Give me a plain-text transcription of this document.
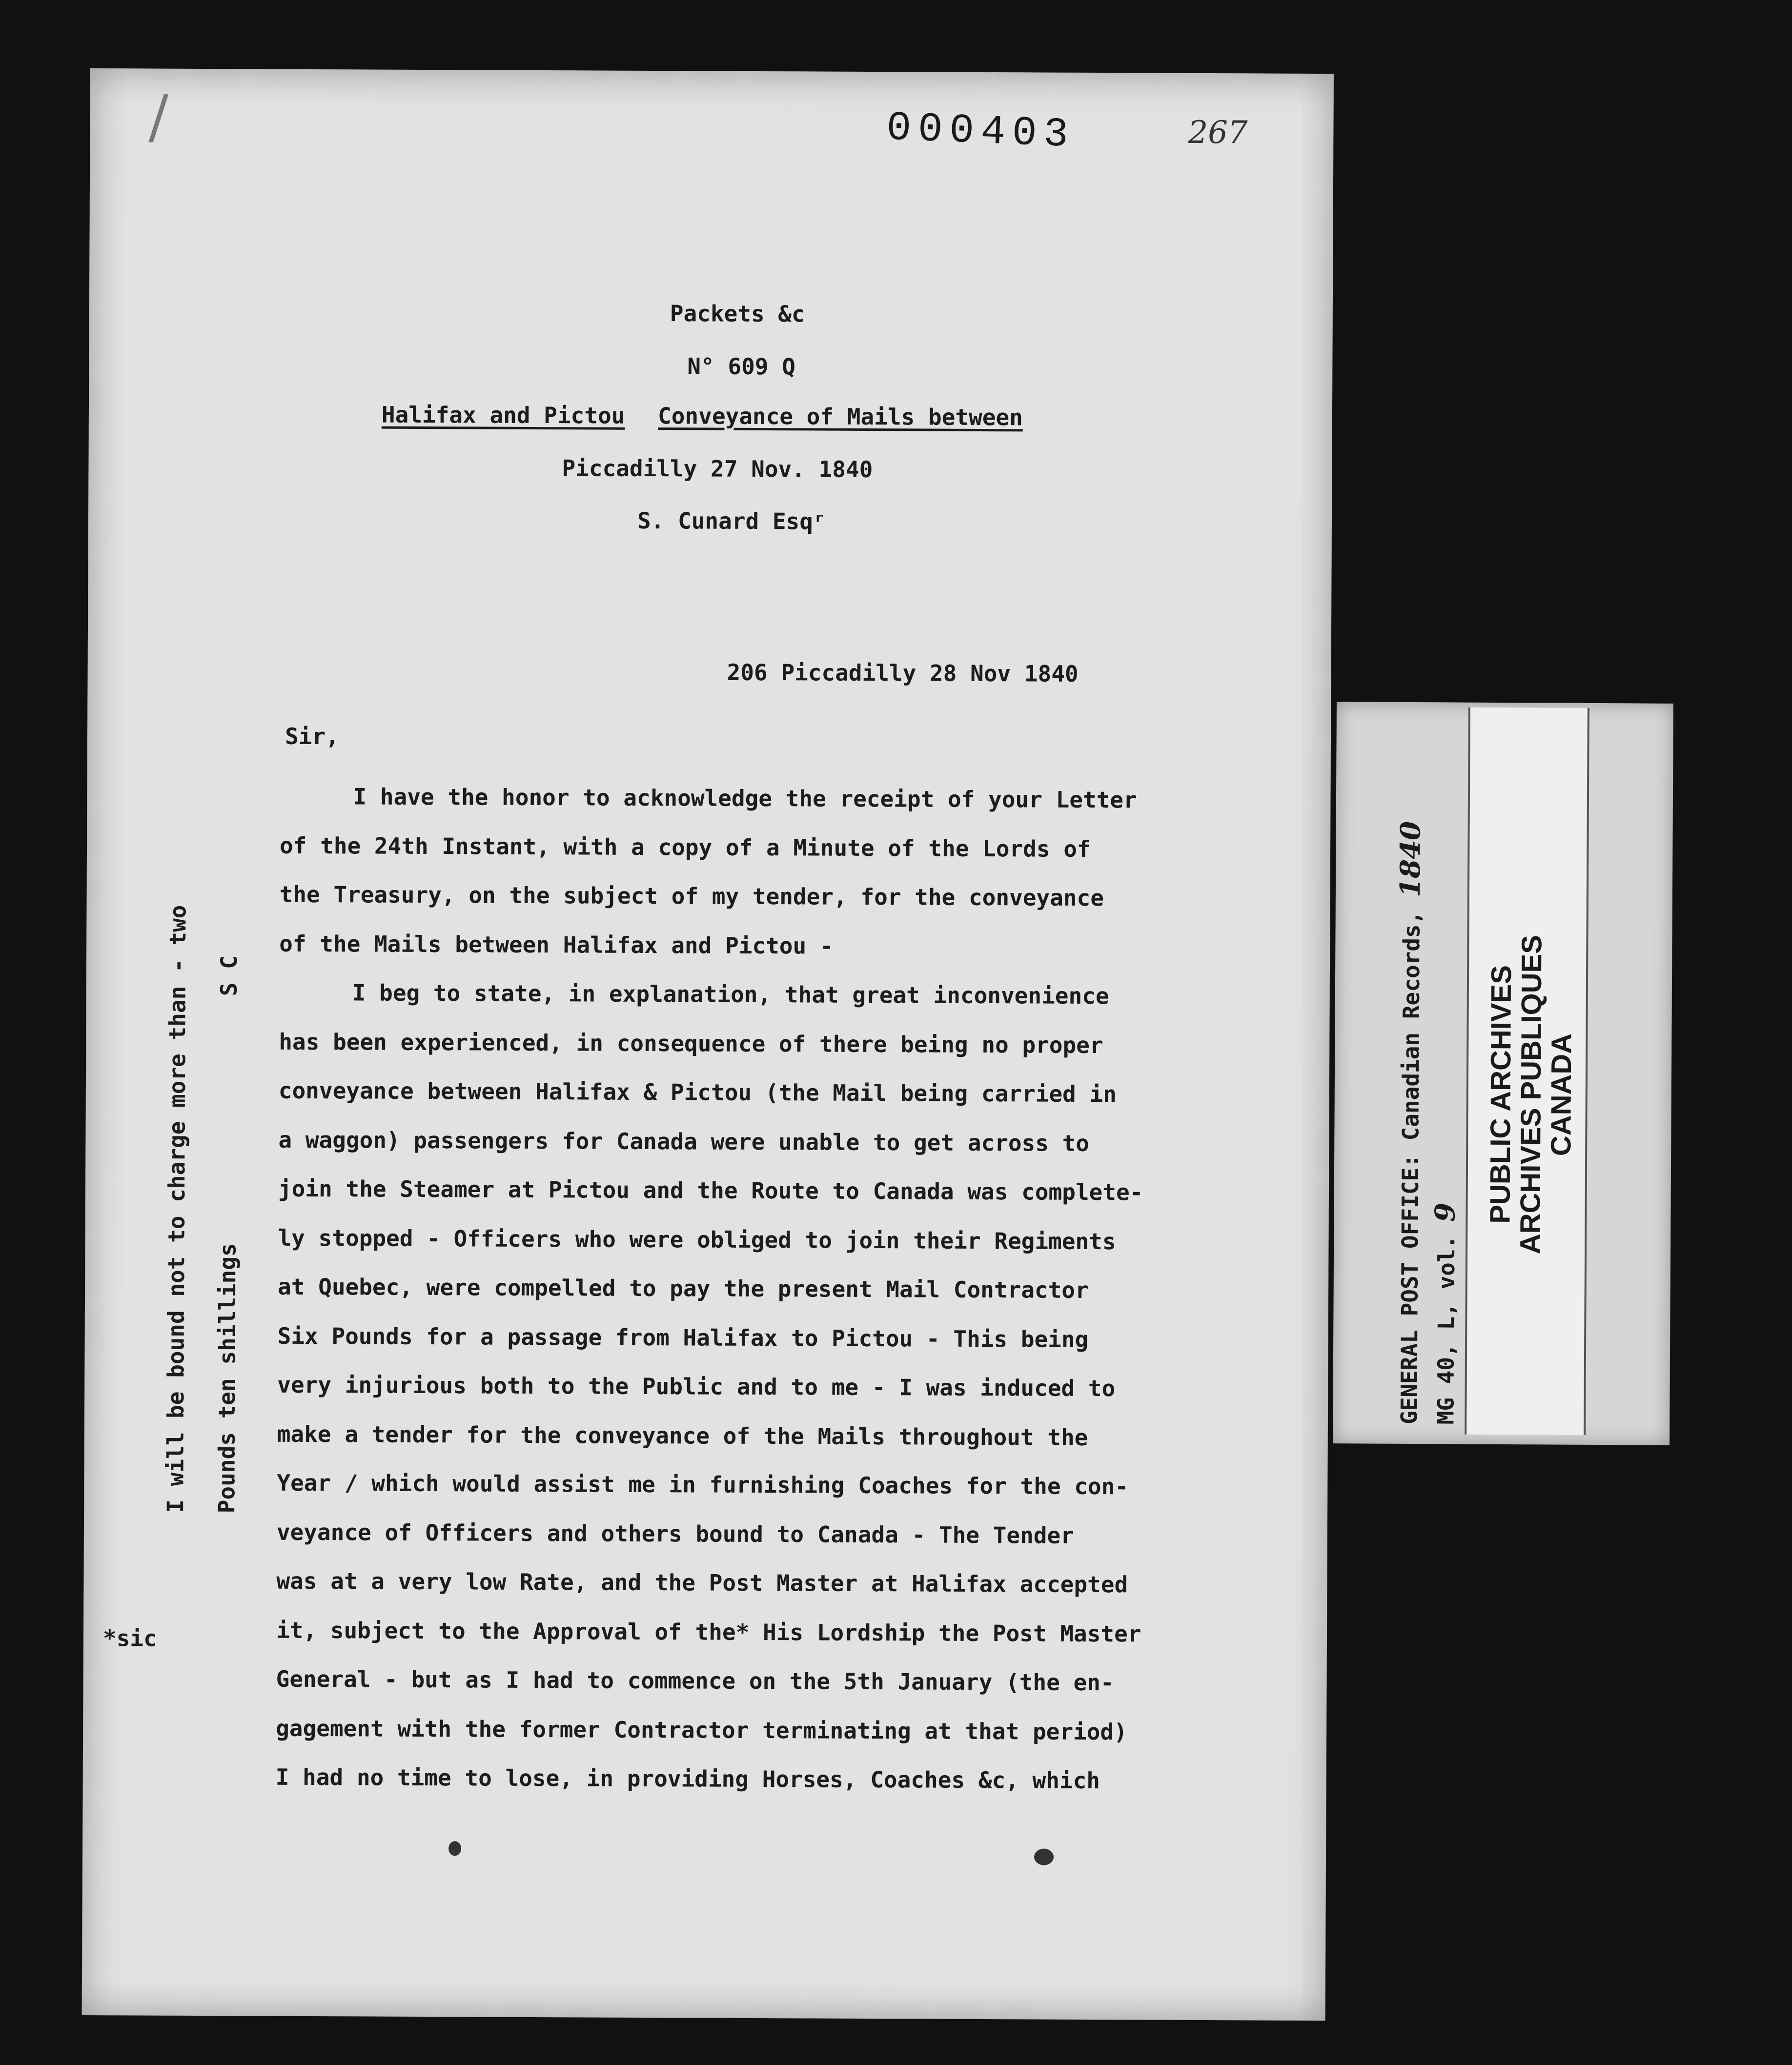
/	000403	267
Packets &c
N° 609 Q
Halifax and Pictou Conveyance of Mails between
Piccadilly 27 Nov. 1840
S. Cunard Esqʳ
206 Piccadilly 28 Nov 1840
Sir,
I have the honor to acknowledge the receipt of your Letter
of the 24th Instant, with a copy of a Minute of the Lords of
the Treasury, on the subject of my tender, for the conveyance
of the Mails between Halifax and Pictou -
I beg to state, in explanation, that great inconvenience
has been experienced, in consequence of there being no proper
conveyance between Halifax & Pictou (the Mail being carried in
a waggon) passengers for Canada were unable to get across to
join the Steamer at Pictou and the Route to Canada was complete-
ly stopped - Officers who were obliged to join their Regiments
at Quebec, were compelled to pay the present Mail Contractor
Six Pounds for a passage from Halifax to Pictou - This being
very injurious both to the Public and to me - I was induced to
make a tender for the conveyance of the Mails throughout the
Year / which would assist me in furnishing Coaches for the con-
veyance of Officers and others bound to Canada - The Tender
was at a very low Rate, and the Post Master at Halifax accepted
it, subject to the Approval of the* His Lordship the Post Master
General - but as I had to commence on the 5th January (the en-
gagement with the former Contractor terminating at that period)
I had no time to lose, in providing Horses, Coaches &c, which
I will be bound not to charge more than - two Pounds ten shillings
S C
*sic
GENERAL POST OFFICE: Canadian Records, 1840
MG 40, L, vol. 9 PUBLIC ARCHIVES
ARCHIVES PUBLIQUES
CANADA
